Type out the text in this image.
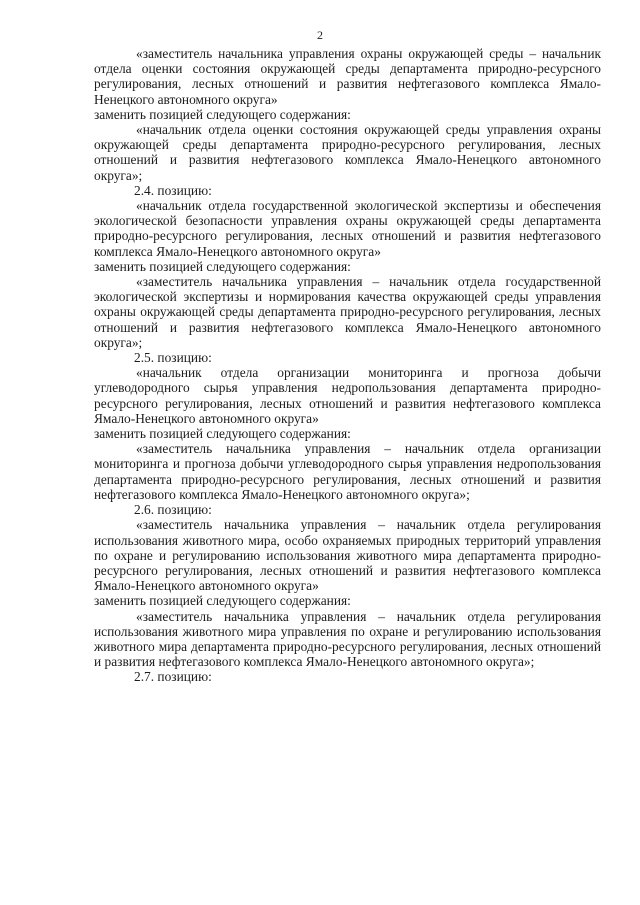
2

«заместитель начальника управления охраны окружающей среды – начальник отдела оценки состояния окружающей среды департамента природно-ресурсного регулирования, лесных отношений и развития нефтегазового комплекса Ямало-Ненецкого автономного округа»

заменить позицией следующего содержания:

«начальник отдела оценки состояния окружающей среды управления охраны окружающей среды департамента природно-ресурсного регулирования, лесных отношений и развития нефтегазового комплекса Ямало-Ненецкого автономного округа»;

2.4. позицию:

«начальник отдела государственной экологической экспертизы и обеспечения экологической безопасности управления охраны окружающей среды департамента природно-ресурсного регулирования, лесных отношений и развития нефтегазового комплекса Ямало-Ненецкого автономного округа»

заменить позицией следующего содержания:

«заместитель начальника управления – начальник отдела государственной экологической экспертизы и нормирования качества окружающей среды управления охраны окружающей среды департамента природно-ресурсного регулирования, лесных отношений и развития нефтегазового комплекса Ямало-Ненецкого автономного округа»;

2.5. позицию:

«начальник отдела организации мониторинга и прогноза добычи углеводородного сырья управления недропользования департамента природно-ресурсного регулирования, лесных отношений и развития нефтегазового комплекса Ямало-Ненецкого автономного округа»

заменить позицией следующего содержания:

«заместитель начальника управления – начальник отдела организации мониторинга и прогноза добычи углеводородного сырья управления недропользования департамента природно-ресурсного регулирования, лесных отношений и развития нефтегазового комплекса Ямало-Ненецкого автономного округа»;

2.6. позицию:

«заместитель начальника управления – начальник отдела регулирования использования животного мира, особо охраняемых природных территорий управления по охране и регулированию использования животного мира департамента природно-ресурсного регулирования, лесных отношений и развития нефтегазового комплекса Ямало-Ненецкого автономного округа»

заменить позицией следующего содержания:

«заместитель начальника управления – начальник отдела регулирования использования животного мира управления по охране и регулированию использования животного мира департамента природно-ресурсного регулирования, лесных отношений и развития нефтегазового комплекса Ямало-Ненецкого автономного округа»;

2.7. позицию:
